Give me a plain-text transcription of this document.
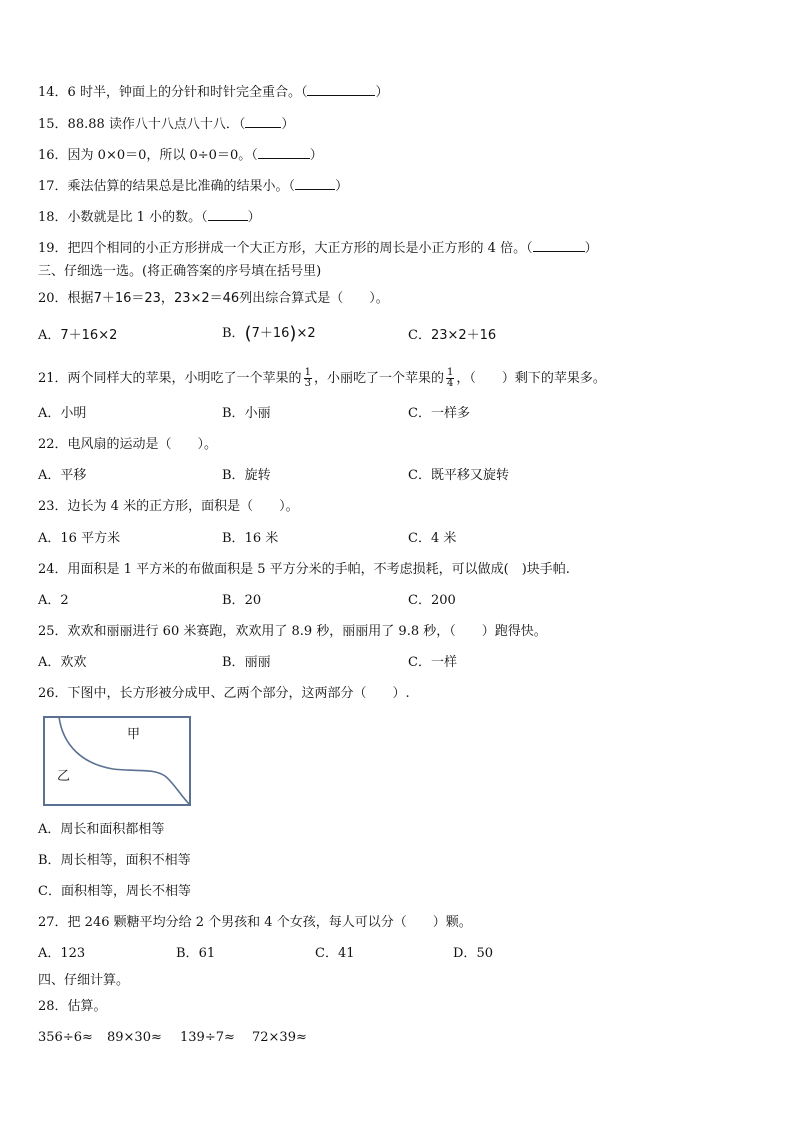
14．6 时半，钟面上的分针和时针完全重合。（	）
15．88.88 读作八十八点八十八．（	）
16．因为 0×0＝0，所以 0÷0＝0。（	）
17．乘法估算的结果总是比准确的结果小。（	）
18．小数就是比 1 小的数。（	）
19．把四个相同的小正方形拼成一个大正方形，大正方形的周长是小正方形的 4 倍。（	）
三、仔细选一选。(将正确答案的序号填在括号里)
20．根据7＋16＝23，23×2＝46列出综合算式是（　　）。
A．7＋16×2	B．(7＋16)×2	C．23×2＋16
21．两个同样大的苹果，小明吃了一个苹果的 $\frac{1}{3}$ ，小丽吃了一个苹果的 $\frac{1}{4}$ ，（　　）剩下的苹果多。
A．小明	B．小丽	C．一样多
22．电风扇的运动是（　　）。
A．平移	B．旋转	C．既平移又旋转
23．边长为 4 米的正方形，面积是（　　）。
A．16 平方米	B．16 米	C．4 米
24．用面积是 1 平方米的布做面积是 5 平方分米的手帕，不考虑损耗，可以做成(　)块手帕.
A．2	B．20	C．200
25．欢欢和丽丽进行 60 米赛跑，欢欢用了 8.9 秒，丽丽用了 9.8 秒，（　　）跑得快。
A．欢欢	B．丽丽	C．一样
26．下图中，长方形被分成甲、乙两个部分，这两部分（　　）.
甲
乙
A．周长和面积都相等
B．周长相等，面积不相等
C．面积相等，周长不相等
27．把 246 颗糖平均分给 2 个男孩和 4 个女孩，每人可以分（　　）颗。
A．123	B．61	C．41	D．50
四、仔细计算。
28．估算。
356÷6≈ 89×30≈ 139÷7≈ 72×39≈
